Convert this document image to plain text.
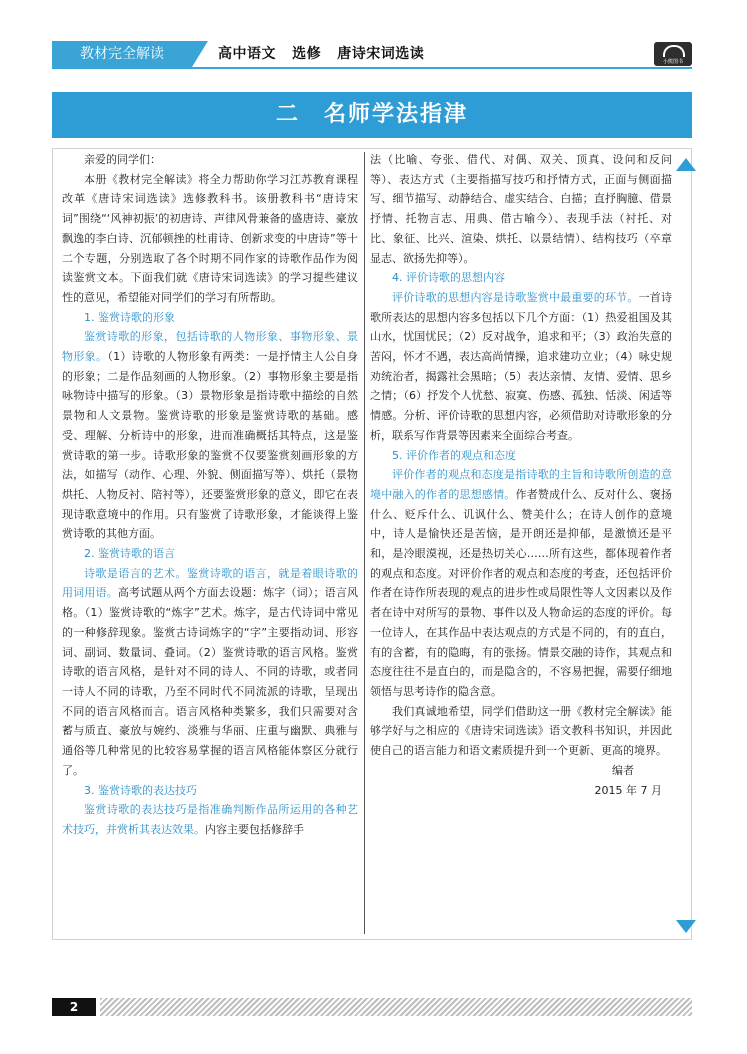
教材完全解读	高中语文   选修   唐诗宋词选读	小熊图书
二　名师学法指津

亲爱的同学们：

本册《教材完全解读》将全力帮助你学习江苏教育课程改革《唐诗宋词选读》选修教科书。该册教科书“唐诗宋词”围绕“‘风神初振’的初唐诗、声律风骨兼备的盛唐诗、豪放飘逸的李白诗、沉郁顿挫的杜甫诗、创新求变的中唐诗”等十二个专题，分别选取了各个时期不同作家的诗歌作品作为阅读鉴赏文本。下面我们就《唐诗宋词选读》的学习提些建议性的意见，希望能对同学们的学习有所帮助。

1. 鉴赏诗歌的形象

鉴赏诗歌的形象，包括诗歌的人物形象、事物形象、景物形象。（1）诗歌的人物形象有两类：一是抒情主人公自身的形象；二是作品刻画的人物形象。（2）事物形象主要是指咏物诗中描写的形象。（3）景物形象是指诗歌中描绘的自然景物和人文景物。鉴赏诗歌的形象是鉴赏诗歌的基础。感受、理解、分析诗中的形象，进而准确概括其特点，这是鉴赏诗歌的第一步。诗歌形象的鉴赏不仅要鉴赏刻画形象的方法，如描写（动作、心理、外貌、侧面描写等）、烘托（景物烘托、人物反衬、陪衬等），还要鉴赏形象的意义，即它在表现诗歌意境中的作用。只有鉴赏了诗歌形象，才能谈得上鉴赏诗歌的其他方面。

2. 鉴赏诗歌的语言

诗歌是语言的艺术。鉴赏诗歌的语言，就是着眼诗歌的用词用语。高考试题从两个方面去设题：炼字（词）；语言风格。（1）鉴赏诗歌的“炼字”艺术。炼字，是古代诗词中常见的一种修辞现象。鉴赏古诗词炼字的“字”主要指动词、形容词、副词、数量词、叠词。（2）鉴赏诗歌的语言风格。鉴赏诗歌的语言风格，是针对不同的诗人、不同的诗歌，或者同一诗人不同的诗歌，乃至不同时代不同流派的诗歌，呈现出不同的语言风格而言。语言风格种类繁多，我们只需要对含蓄与质直、豪放与婉约、淡雅与华丽、庄重与幽默、典雅与通俗等几种常见的比较容易掌握的语言风格能体察区分就行了。

3. 鉴赏诗歌的表达技巧

鉴赏诗歌的表达技巧是指准确判断作品所运用的各种艺术技巧，并赏析其表达效果。内容主要包括修辞手

法（比喻、夸张、借代、对偶、双关、顶真、设问和反问等）、表达方式（主要指描写技巧和抒情方式，正面与侧面描写、细节描写、动静结合、虚实结合、白描；直抒胸臆、借景抒情、托物言志、用典、借古喻今）、表现手法（衬托、对比、象征、比兴、渲染、烘托、以景结情）、结构技巧（卒章显志、欲扬先抑等）。

4. 评价诗歌的思想内容

评价诗歌的思想内容是诗歌鉴赏中最重要的环节。一首诗歌所表达的思想内容多包括以下几个方面：（1）热爱祖国及其山水，忧国忧民；（2）反对战争，追求和平；（3）政治失意的苦闷，怀才不遇，表达高尚情操，追求建功立业；（4）咏史规劝统治者，揭露社会黑暗；（5）表达亲情、友情、爱情、思乡之情；（6）抒发个人忧愁、寂寞、伤感、孤独、恬淡、闲适等情感。分析、评价诗歌的思想内容，必须借助对诗歌形象的分析，联系写作背景等因素来全面综合考查。

5. 评价作者的观点和态度

评价作者的观点和态度是指诗歌的主旨和诗歌所创造的意境中融入的作者的思想感情。作者赞成什么、反对什么、褒扬什么、贬斥什么、讥讽什么、赞美什么；在诗人创作的意境中，诗人是愉快还是苦恼，是开朗还是抑郁，是激愤还是平和，是冷眼漠视，还是热切关心……所有这些，都体现着作者的观点和态度。对评价作者的观点和态度的考查，还包括评价作者在诗作所表现的观点的进步性或局限性等人文因素以及作者在诗中对所写的景物、事件以及人物命运的态度的评价。每一位诗人，在其作品中表达观点的方式是不同的，有的直白，有的含蓄，有的隐晦，有的张扬。情景交融的诗作，其观点和态度往往不是直白的，而是隐含的，不容易把握，需要仔细地领悟与思考诗作的隐含意。

我们真诚地希望，同学们借助这一册《教材完全解读》能够学好与之相应的《唐诗宋词选读》语文教科书知识，并因此使自己的语言能力和语文素质提升到一个更新、更高的境界。

编者

2015 年 7 月

2
